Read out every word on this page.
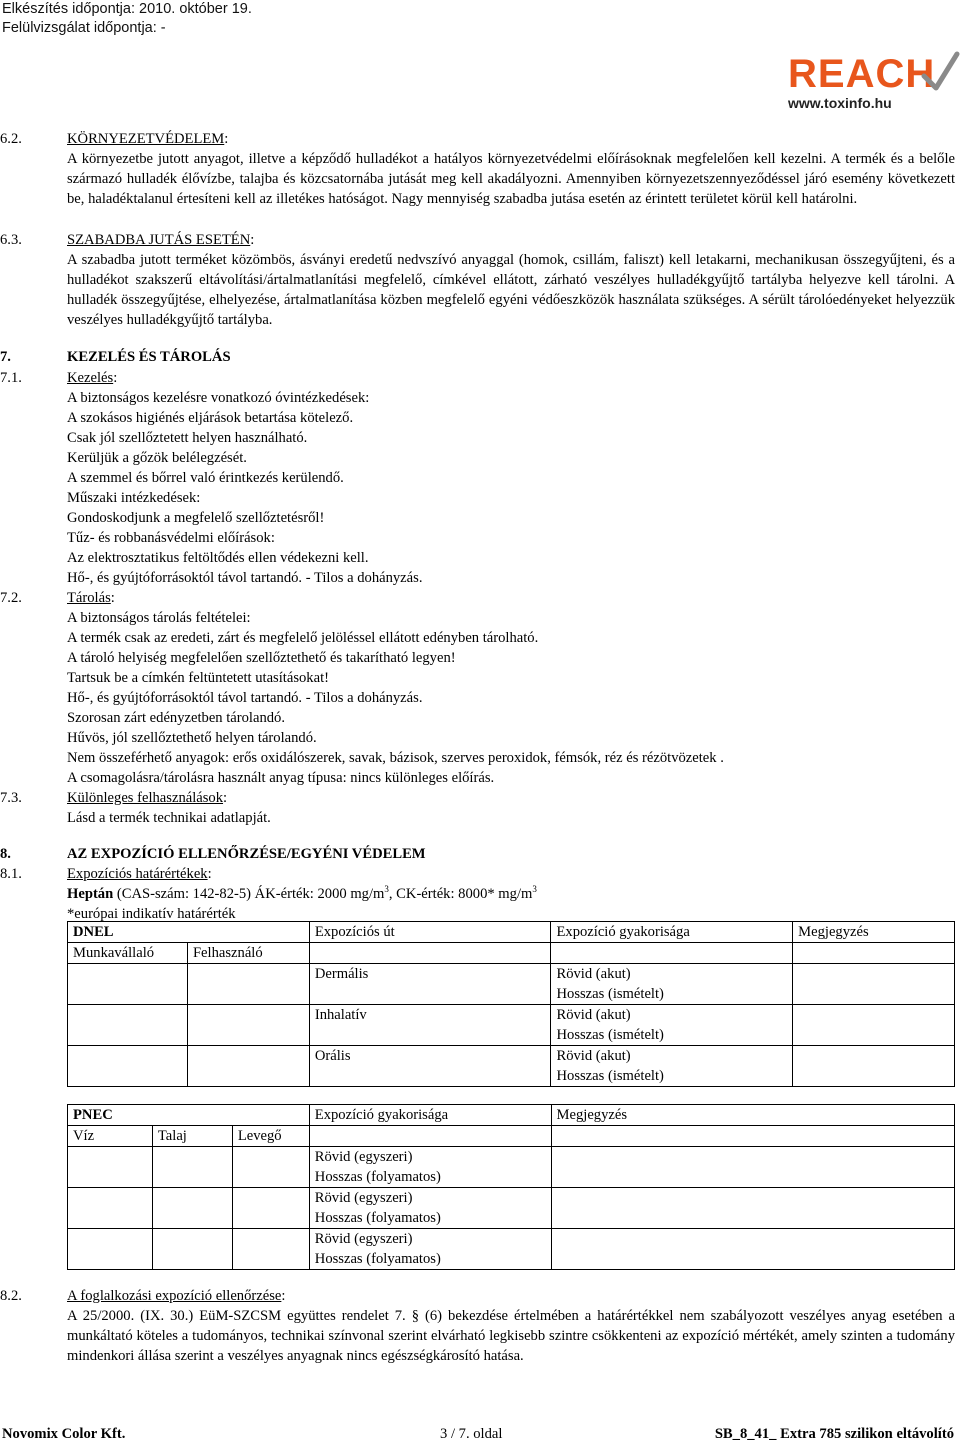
Elkészítés időpontja: 2010. október 19.
Felülvizsgálat időpontja: -
REACH
www.toxinfo.hu
6.2.	KÖRNYEZETVÉDELEM:
A környezetbe jutott anyagot, illetve a képződő hulladékot a hatályos környezetvédelmi előírásoknak megfelelően kell kezelni. A termék és a belőle származó hulladék élővízbe, talajba és közcsatornába jutását meg kell akadályozni. Amennyiben környezetszennyeződéssel járó esemény következett be, haladéktalanul értesíteni kell az illetékes hatóságot. Nagy mennyiség szabadba jutása esetén az érintett területet körül kell határolni.
6.3.	SZABADBA JUTÁS ESETÉN:
A szabadba jutott terméket közömbös, ásványi eredetű nedvszívó anyaggal (homok, csillám, faliszt) kell letakarni, mechanikusan összegyűjteni, és a hulladékot szakszerű eltávolítási/ártalmatlanítási megfelelő, címkével ellátott, zárható veszélyes hulladékgyűjtő tartályba helyezve kell tárolni. A hulladék összegyűjtése, elhelyezése, ártalmatlanítása közben megfelelő egyéni védőeszközök használata szükséges. A sérült tárolóedényeket helyezzük veszélyes hulladékgyűjtő tartályba.
7.	KEZELÉS ÉS TÁROLÁS
7.1.	Kezelés:
A biztonságos kezelésre vonatkozó óvintézkedések:
A szokásos higiénés eljárások betartása kötelező.
Csak jól szellőztetett helyen használható.
Kerüljük a gőzök belélegzését.
A szemmel és bőrrel való érintkezés kerülendő.
Műszaki intézkedések:
Gondoskodjunk a megfelelő szellőztetésről!
Tűz- és robbanásvédelmi előírások:
Az elektrosztatikus feltöltődés ellen védekezni kell.
Hő-, és gyújtóforrásoktól távol tartandó. - Tilos a dohányzás.
7.2.	Tárolás:
A biztonságos tárolás feltételei:
A termék csak az eredeti, zárt és megfelelő jelöléssel ellátott edényben tárolható.
A tároló helyiség megfelelően szellőztethető és takarítható legyen!
Tartsuk be a címkén feltüntetett utasításokat!
Hő-, és gyújtóforrásoktól távol tartandó. - Tilos a dohányzás.
Szorosan zárt edényzetben tárolandó.
Hűvös, jól szellőztethető helyen tárolandó.
Nem összeférhető anyagok: erős oxidálószerek, savak, bázisok, szerves peroxidok, fémsók, réz és rézötvözetek .
A csomagolásra/tárolásra használt anyag típusa: nincs különleges előírás.
7.3.	Különleges felhasználások:
Lásd a termék technikai adatlapját.
8.	AZ EXPOZÍCIÓ ELLENŐRZÉSE/EGYÉNI VÉDELEM
8.1.	Expozíciós határértékek:
Heptán (CAS-szám: 142-82-5) ÁK-érték: 2000 $mg/m^3$, CK-érték: 8000* $mg/m^3$
*európai indikatív határérték
DNEL		Expozíciós út	Expozíció gyakorisága	Megjegyzés
Munkavállaló	Felhasználó			
		Dermális	Rövid (akut)
Hosszas (ismételt)	

		Inhalatív	Rövid (akut)
Hosszas (ismételt)	

		Orális	Rövid (akut)
Hosszas (ismételt)	

PNEC			Expozíció gyakorisága	Megjegyzés
Víz	Talaj	Levegő		

			Rövid (egyszeri)
Hosszas (folyamatos)	

			Rövid (egyszeri)
Hosszas (folyamatos)	

			Rövid (egyszeri)
Hosszas (folyamatos)	

8.2.	A foglalkozási expozíció ellenőrzése:
A 25/2000. (IX. 30.) EüM-SZCSM együttes rendelet 7. § (6) bekezdése értelmében a határértékkel nem szabályozott veszélyes anyag esetében a munkáltató köteles a tudományos, technikai színvonal szerint elvárható legkisebb szintre csökkenteni az expozíció mértékét, amely szinten a tudomány mindenkori állása szerint a veszélyes anyagnak nincs egészségkárosító hatása.
Novomix Color Kft.	3 / 7. oldal	SB_8_41_ Extra 785 szilikon eltávolító
